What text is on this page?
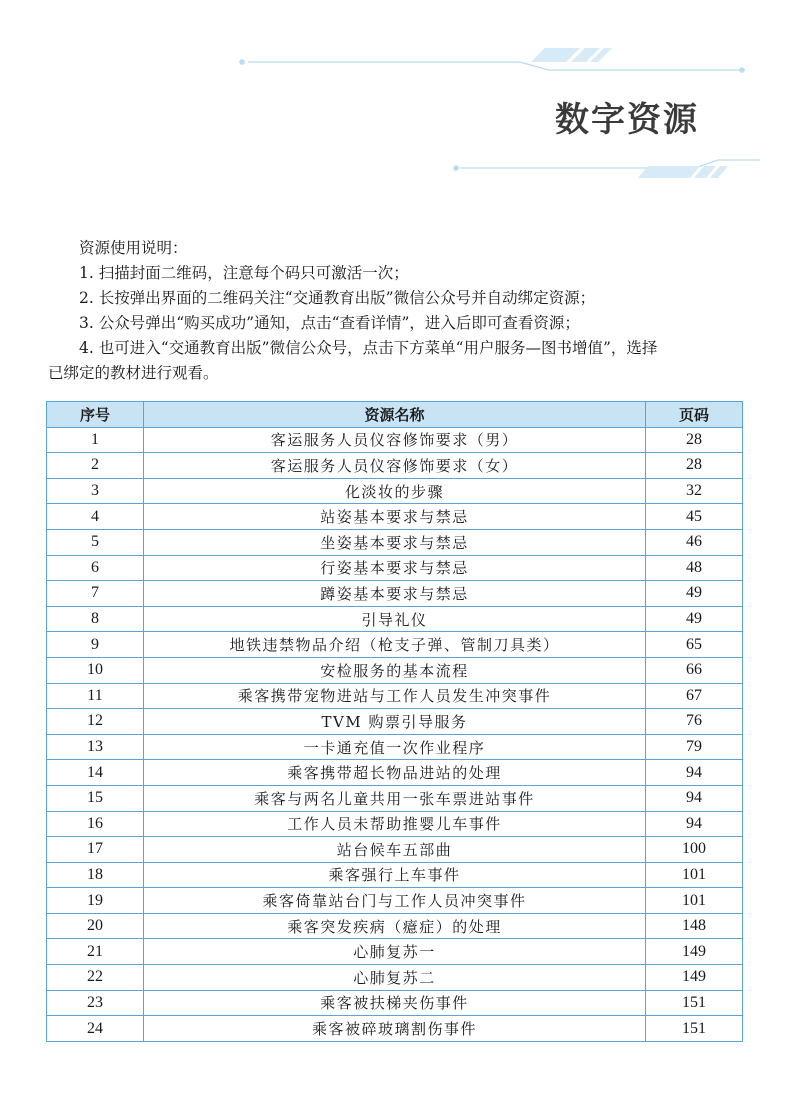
数字资源

资源使用说明：

1. 扫描封面二维码，注意每个码只可激活一次；

2. 长按弹出界面的二维码关注“交通教育出版”微信公众号并自动绑定资源；

3. 公众号弹出“购买成功”通知，点击“查看详情”，进入后即可查看资源；

4. 也可进入“交通教育出版”微信公众号，点击下方菜单“用户服务—图书增值”，选择

已绑定的教材进行观看。

序号	资源名称	页码
1	客运服务人员仪容修饰要求（男）	28
2	客运服务人员仪容修饰要求（女）	28
3	化淡妆的步骤	32
4	站姿基本要求与禁忌	45
5	坐姿基本要求与禁忌	46
6	行姿基本要求与禁忌	48
7	蹲姿基本要求与禁忌	49
8	引导礼仪	49
9	地铁违禁物品介绍（枪支子弹、管制刀具类）	65
10	安检服务的基本流程	66
11	乘客携带宠物进站与工作人员发生冲突事件	67
12	TVM 购票引导服务	76
13	一卡通充值一次作业程序	79
14	乘客携带超长物品进站的处理	94
15	乘客与两名儿童共用一张车票进站事件	94
16	工作人员未帮助推婴儿车事件	94
17	站台候车五部曲	100
18	乘客强行上车事件	101
19	乘客倚靠站台门与工作人员冲突事件	101
20	乘客突发疾病（癔症）的处理	148
21	心肺复苏一	149
22	心肺复苏二	149
23	乘客被扶梯夹伤事件	151
24	乘客被碎玻璃割伤事件	151
